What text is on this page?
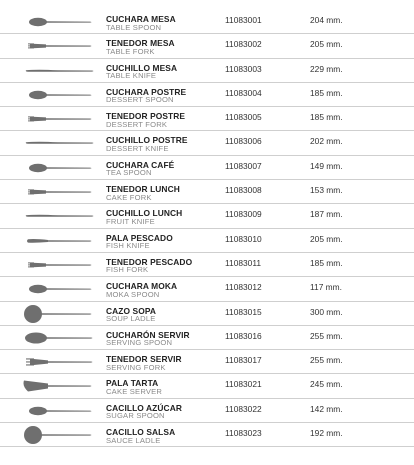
CUCHARA MESA
TABLE SPOON
11083001	204 mm.
TENEDOR MESA
TABLE FORK
11083002	205 mm.
CUCHILLO MESA
TABLE KNIFE
11083003	229 mm.
CUCHARA POSTRE
DESSERT SPOON
11083004	185 mm.
TENEDOR POSTRE
DESSERT FORK
11083005	185 mm.
CUCHILLO POSTRE
DESSERT KNIFE
11083006	202 mm.
CUCHARA CAFÉ
TEA SPOON
11083007	149 mm.
TENEDOR LUNCH
CAKE FORK
11083008	153 mm.
CUCHILLO LUNCH
FRUIT KNIFE
11083009	187 mm.
PALA PESCADO
FISH KNIFE
11083010	205 mm.
TENEDOR PESCADO
FISH FORK
11083011	185 mm.
CUCHARA MOKA
MOKA SPOON
11083012	117 mm.
CAZO SOPA
SOUP LADLE
11083015	300 mm.
CUCHARÓN SERVIR
SERVING SPOON
11083016	255 mm.
TENEDOR SERVIR
SERVING FORK
11083017	255 mm.
PALA TARTA
CAKE SERVER
11083021	245 mm.
CACILLO AZÚCAR
SUGAR SPOON
11083022	142 mm.
CACILLO SALSA
SAUCE LADLE
11083023	192 mm.
